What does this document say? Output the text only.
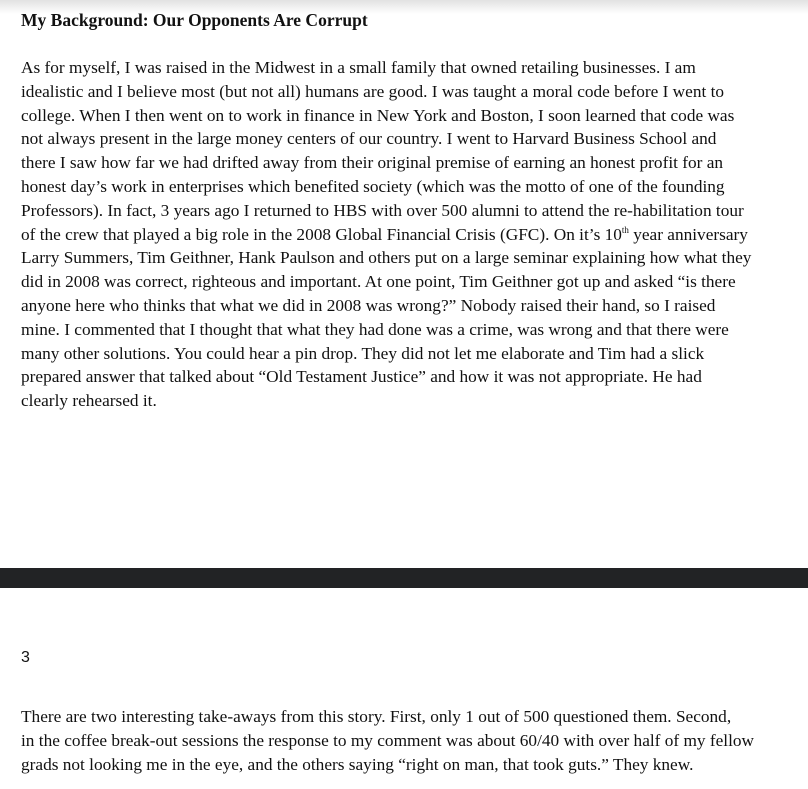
My Background: Our Opponents Are Corrupt

As for myself, I was raised in the Midwest in a small family that owned retailing businesses. I am
idealistic and I believe most (but not all) humans are good. I was taught a moral code before I went to
college. When I then went on to work in finance in New York and Boston, I soon learned that code was
not always present in the large money centers of our country. I went to Harvard Business School and
there I saw how far we had drifted away from their original premise of earning an honest profit for an
honest day’s work in enterprises which benefited society (which was the motto of one of the founding
Professors). In fact, 3 years ago I returned to HBS with over 500 alumni to attend the re-habilitation tour
of the crew that played a big role in the 2008 Global Financial Crisis (GFC). On it’s 10th year anniversary
Larry Summers, Tim Geithner, Hank Paulson and others put on a large seminar explaining how what they
did in 2008 was correct, righteous and important. At one point, Tim Geithner got up and asked “is there
anyone here who thinks that what we did in 2008 was wrong?” Nobody raised their hand, so I raised
mine. I commented that I thought that what they had done was a crime, was wrong and that there were
many other solutions. You could hear a pin drop. They did not let me elaborate and Tim had a slick
prepared answer that talked about “Old Testament Justice” and how it was not appropriate. He had
clearly rehearsed it.

3

There are two interesting take-aways from this story. First, only 1 out of 500 questioned them. Second,
in the coffee break-out sessions the response to my comment was about 60/40 with over half of my fellow
grads not looking me in the eye, and the others saying “right on man, that took guts.” They knew.
